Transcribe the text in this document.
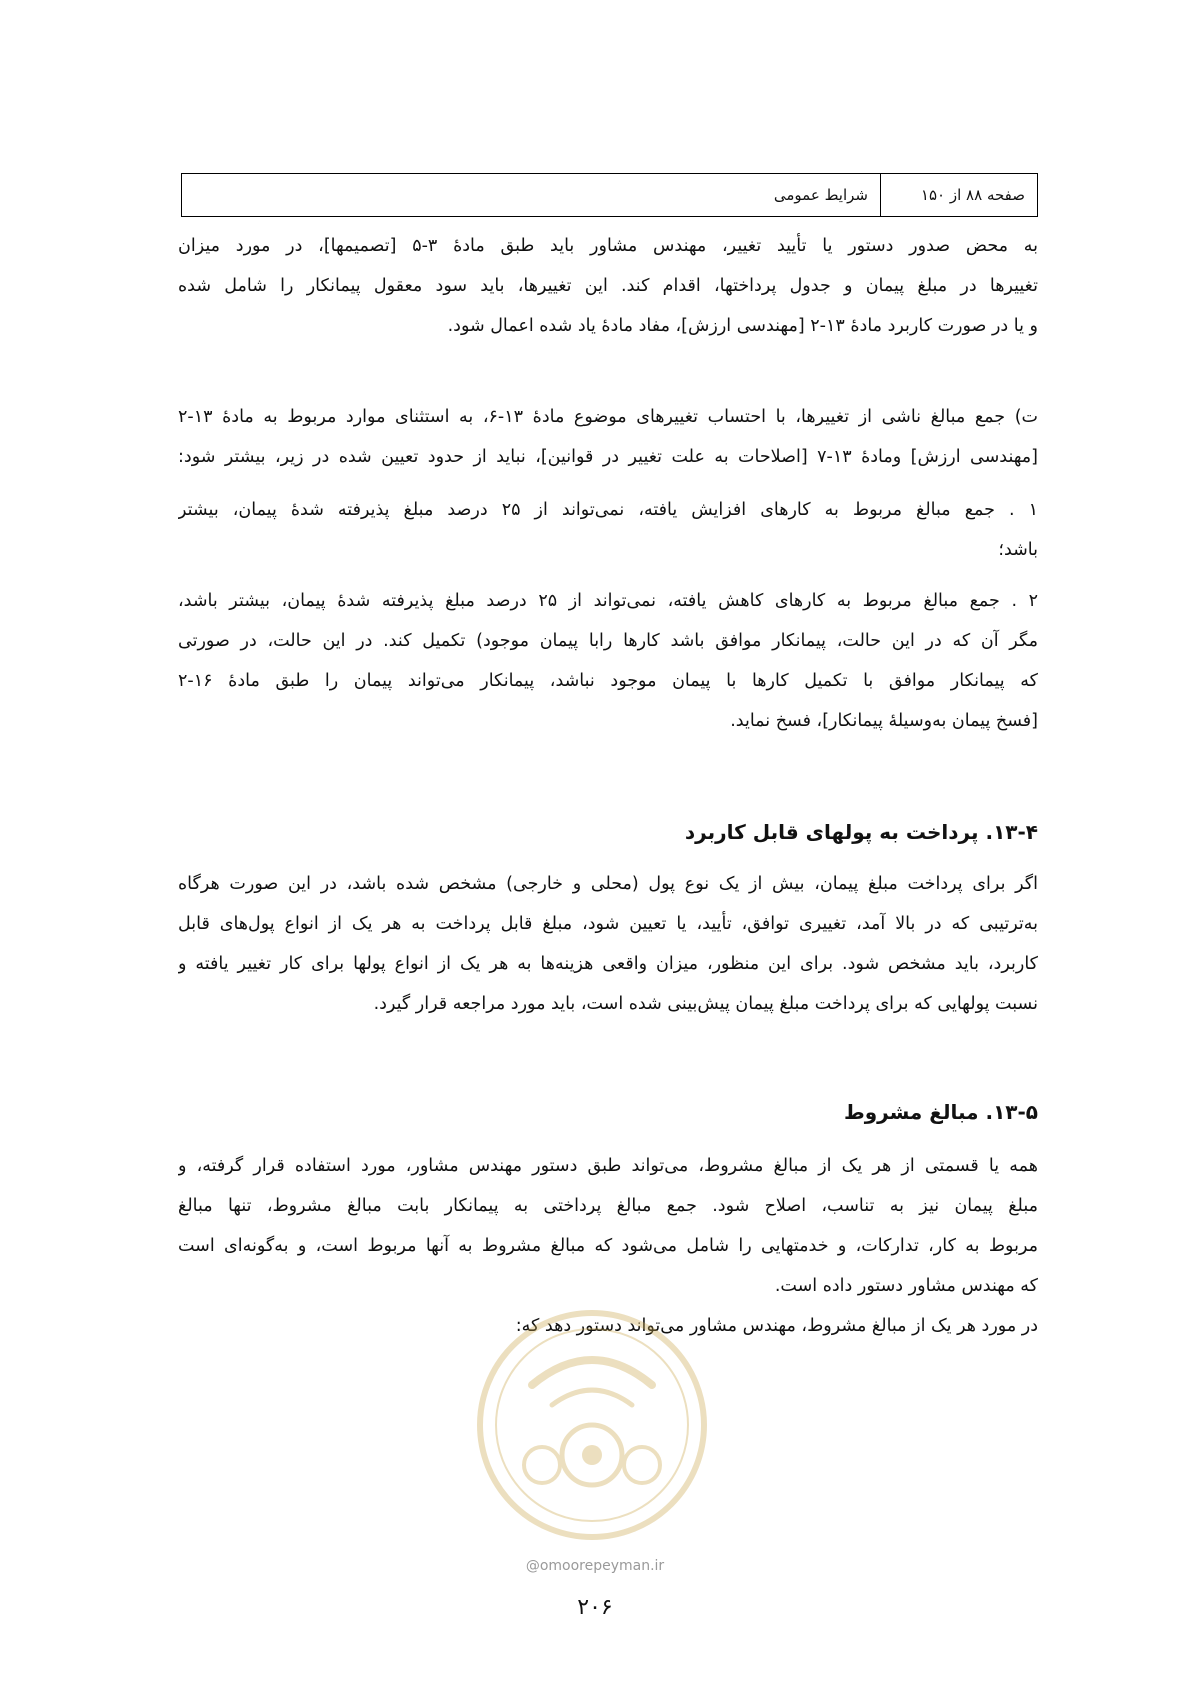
صفحه ۸۸ از ۱۵۰
شرایط عمومی
به محض صدور دستور یا تأیید تغییر، مهندس مشاور باید طبق مادهٔ ۳-۵ [تصمیمها]، در مورد میزان
تغییرها در مبلغ پیمان و جدول پرداختها، اقدام کند. این تغییرها، باید سود معقول پیمانکار را شامل شده
و یا در صورت کاربرد مادهٔ ۱۳-۲ [مهندسی ارزش]، مفاد مادهٔ یاد شده اعمال شود.
ت) جمع مبالغ ناشی از تغییرها، با احتساب تغییرهای موضوع مادهٔ ۱۳-۶، به استثنای موارد مربوط به مادهٔ ۱۳-۲
[مهندسی ارزش] ومادهٔ ۱۳-۷ [اصلاحات به علت تغییر در قوانین]، نباید از حدود تعیین شده در زیر، بیشتر شود:
۱ . جمع مبالغ مربوط به کارهای افزایش یافته، نمی‌تواند از ۲۵ درصد مبلغ پذیرفته شدهٔ پیمان، بیشتر
باشد؛
۲ . جمع مبالغ مربوط به کارهای کاهش یافته، نمی‌تواند از ۲۵ درصد مبلغ پذیرفته شدهٔ پیمان، بیشتر باشد،
مگر آن که در این حالت، پیمانکار موافق باشد کارها رابا پیمان موجود) تکمیل کند. در این حالت، در صورتی
که پیمانکار موافق با تکمیل کارها با پیمان موجود نباشد، پیمانکار می‌تواند پیمان را طبق مادهٔ ۱۶-۲
[فسخ پیمان به‌وسیلهٔ پیمانکار]، فسخ نماید.
۱۳-۴. پرداخت به پولهای قابل کاربرد
اگر برای پرداخت مبلغ پیمان، بیش از یک نوع پول (محلی و خارجی) مشخص شده باشد، در این صورت هرگاه
به‌ترتیبی که در بالا آمد، تغییری توافق، تأیید، یا تعیین شود، مبلغ قابل پرداخت به هر یک از انواع پول‌های قابل
کاربرد، باید مشخص شود. برای این منظور، میزان واقعی هزینه‌ها به هر یک از انواع پولها برای کار تغییر یافته و
نسبت پولهایی که برای پرداخت مبلغ پیمان پیش‌بینی شده است، باید مورد مراجعه قرار گیرد.
۱۳-۵. مبالغ مشروط
همه یا قسمتی از هر یک از مبالغ مشروط، می‌تواند طبق دستور مهندس مشاور، مورد استفاده قرار گرفته، و
مبلغ پیمان نیز به تناسب، اصلاح شود. جمع مبالغ پرداختی به پیمانکار بابت مبالغ مشروط، تنها مبالغ
مربوط به کار، تدارکات، و خدمتهایی را شامل می‌شود که مبالغ مشروط به آنها مربوط است، و به‌گونه‌ای است
که مهندس مشاور دستور داده است.
در مورد هر یک از مبالغ مشروط، مهندس مشاور می‌تواند دستور دهد که:
@omoorepeyman.ir
۲۰۶
